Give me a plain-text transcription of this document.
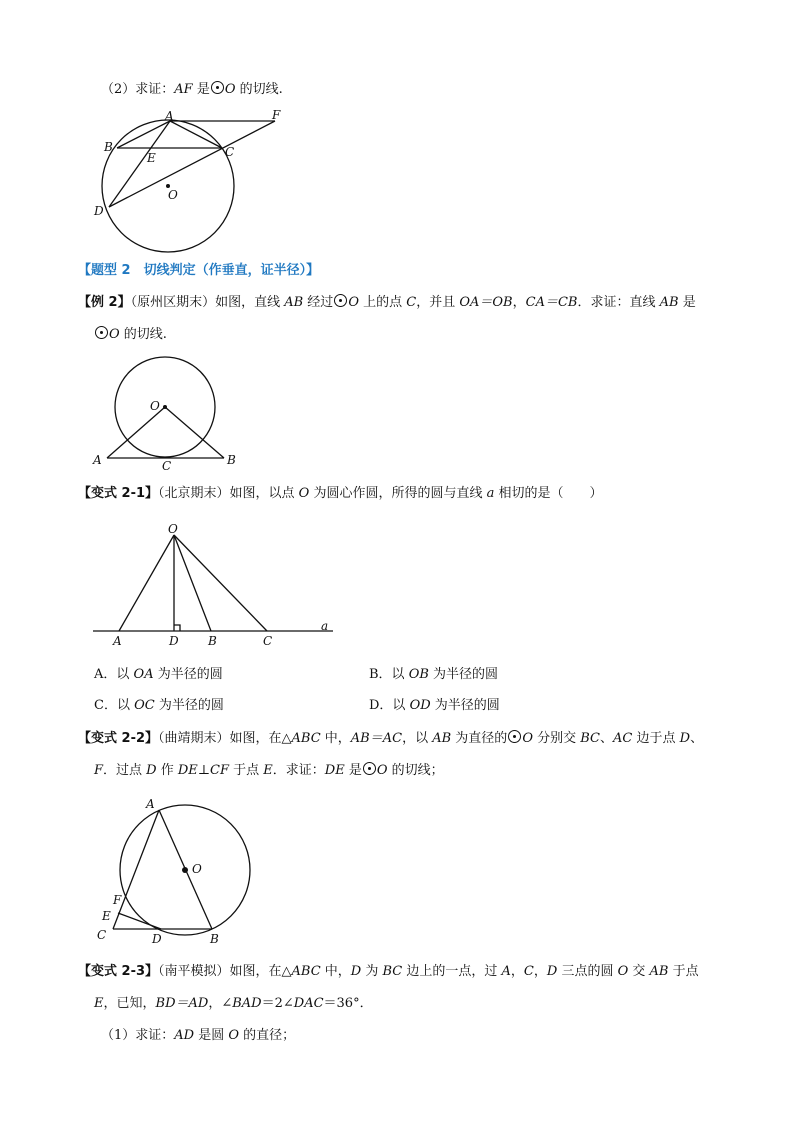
（2）求证：AF 是 O 的切线.
A	F
B
E	C
O
D
【题型 2　切线判定（作垂直，证半径）】
【例 2】（原州区期末）如图，直线 AB 经过 O 上的点 C，并且 OA＝OB，CA＝CB．求证：直线 AB 是
O 的切线.
O
A	C	B
【变式 2-1】（北京期末）如图，以点 O 为圆心作圆，所得的圆与直线 a 相切的是（　　）
O
A	D B	C
a
A．以 OA 为半径的圆	B．以 OB 为半径的圆
C．以 OC 为半径的圆	D．以 OD 为半径的圆
【变式 2-2】（曲靖期末）如图，在△ABC 中，AB＝AC，以 AB 为直径的 O 分别交 BC、AC 边于点 D、
F．过点 D 作 DE⊥CF 于点 E．求证：DE 是 O 的切线；
A
O
F
E
C	D	B
【变式 2-3】（南平模拟）如图，在△ABC 中，D 为 BC 边上的一点，过 A，C，D 三点的圆 O 交 AB 于点
E，已知，BD＝AD，∠BAD＝2∠DAC＝36°．
（1）求证：AD 是圆 O 的直径；
